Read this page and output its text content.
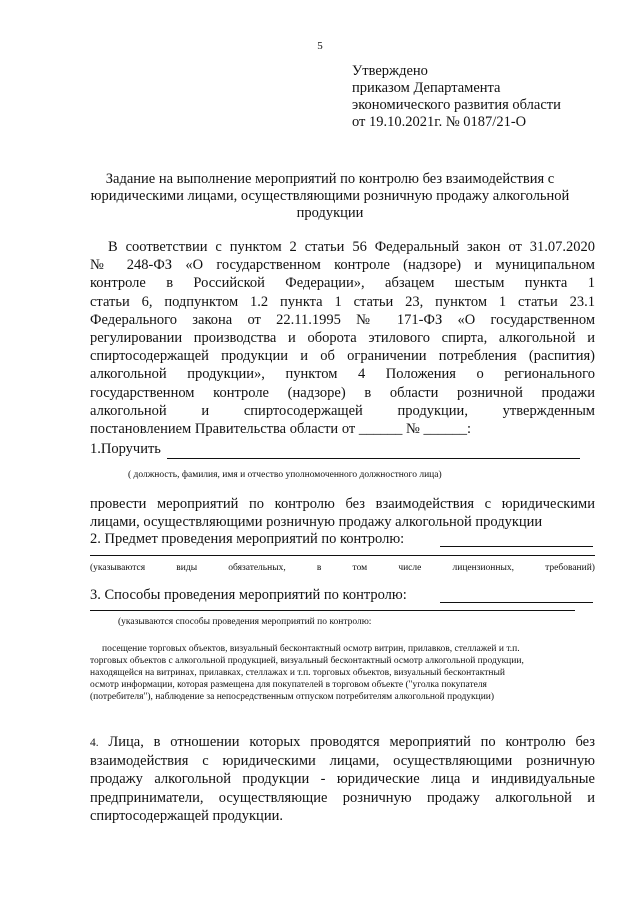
5
Утверждено
приказом Департамента
экономического развития области
от 19.10.2021г. № 0187/21-О
Задание на выполнение мероприятий по контролю без взаимодействия с
юридическими лицами, осуществляющими розничную продажу алкогольной
продукции
В соответствии с пунктом 2 статьи 56 Федеральный закон от 31.07.2020
№ 248-ФЗ «О государственном контроле (надзоре) и муниципальном
контроле в Российской Федерации», абзацем шестым пункта 1
статьи 6, подпунктом 1.2 пункта 1 статьи 23, пунктом 1 статьи 23.1
Федерального закона от 22.11.1995 № 171-ФЗ «О государственном
регулировании производства и оборота этилового спирта, алкогольной и
спиртосодержащей продукции и об ограничении потребления (распития)
алкогольной продукции», пунктом 4 Положения о регионального
государственном контроле (надзоре) в области розничной продажи
алкогольной и спиртосодержащей продукции, утвержденным
постановлением Правительства области от ______ № ______:
1.Поручить
( должность, фамилия, имя и отчество уполномоченного должностного лица)
провести мероприятий по контролю без взаимодействия с юридическими
лицами, осуществляющими розничную продажу алкогольной продукции
2. Предмет проведения мероприятий по контролю:
(указываются	виды	обязательных,	в	том	числе	лицензионных,	требований)
3. Способы проведения мероприятий по контролю:
(указываются способы проведения мероприятий по контролю:
посещение торговых объектов, визуальный бесконтактный осмотр витрин, прилавков, стеллажей и т.п.
торговых объектов с алкогольной продукцией, визуальный бесконтактный осмотр алкогольной продукции,
находящейся на витринах, прилавках, стеллажах и т.п. торговых объектов, визуальный бесконтактный
осмотр информации, которая размещена для покупателей в торговом объекте ("уголка покупателя
(потребителя"), наблюдение за непосредственным отпуском потребителям алкогольной продукции)
4. Лица, в отношении которых проводятся мероприятий по контролю без
взаимодействия с юридическими лицами, осуществляющими розничную
продажу алкогольной продукции - юридические лица и индивидуальные
предприниматели, осуществляющие розничную продажу алкогольной и
спиртосодержащей продукции.
